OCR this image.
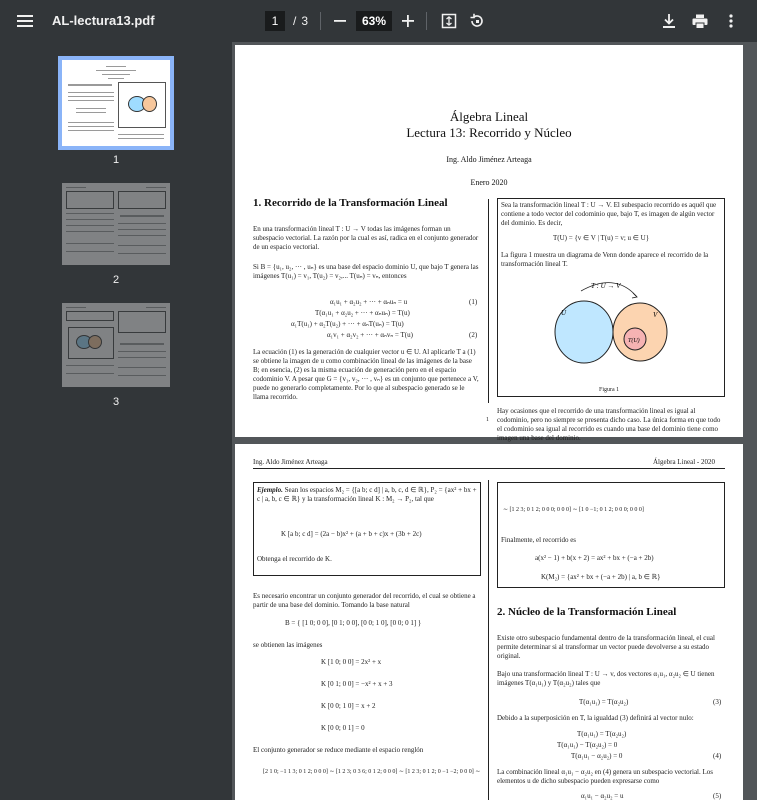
AL-lectura13.pdf
1	/ 3
63%
1
2
3
Álgebra Lineal
Lectura 13: Recorrido y Núcleo
Ing. Aldo Jiménez Arteaga
Enero 2020
1. Recorrido de la Transformación Lineal
En una transformación lineal T : U → V todas las imágenes forman un subespacio vectorial. La razón por la cual es así, radica en el conjunto generador de un espacio vectorial.
Si B = {u₁, u₂, ··· , uₙ} es una base del espacio dominio U, que bajo T genera las imágenes T(u₁) = v₁, T(u₂) = v₂,... T(uₙ) = vₙ, entonces
α₁u₁ + α₂u₂ + ··· + αₙuₙ = u	(1)
T(α₁u₁ + α₂u₂ + ··· + αₙuₙ) = T(u)
α₁T(u₁) + α₂T(u₂) + ··· + αₙT(uₙ) = T(u)
α₁v₁ + α₂v₂ + ··· + αₙvₙ = T(u)	(2)
La ecuación (1) es la generación de cualquier vector u ∈ U. Al aplicarle T a (1) se obtiene la imagen de u como combinación lineal de las imágenes de la base B; en esencia, (2) es la misma ecuación de generación pero en el espacio codominio V. A pesar que G = {v₁, v₂, ··· , vₙ} es un conjunto que pertenece a V, puede no generarlo completamente. Por lo que al subespacio generado se le llama recorrido.
Sea la transformación lineal T : U → V. El subespacio recorrido es aquél que contiene a todo vector del codominio que, bajo T, es imagen de algún vector del dominio. Es decir,
T(U) = {v ∈ V | T(u) = v; u ∈ U}
La figura 1 muestra un diagrama de Venn donde aparece el recorrido de la transformación lineal T.
T : U → V
U	V
T(U)
Figura 1
Hay ocasiones que el recorrido de una transformación lineal es igual al codominio, pero no siempre se presenta dicho caso. La única forma en que todo el codominio sea igual al recorrido es cuando una base del dominio tiene como imagen una base del dominio.
1
Ing. Aldo Jiménez Arteaga	Álgebra Lineal - 2020
Ejemplo. Sean los espacios M₂ = {[a b; c d] | a, b, c, d ∈ ℝ}, P₂ = {ax² + bx + c | a, b, c ∈ ℝ} y la transformación lineal K : M₂ → P₂, tal que
K [a b; c d] = (2a − b)x² + (a + b + c)x + (3b + 2c)
Obtenga el recorrido de K.
Es necesario encontrar un conjunto generador del recorrido, el cual se obtiene a partir de una base del dominio. Tomando la base natural
B = { [1 0; 0 0], [0 1; 0 0], [0 0; 1 0], [0 0; 0 1] }
se obtienen las imágenes
K [1 0; 0 0] = 2x² + x
K [0 1; 0 0] = −x² + x + 3
K [0 0; 1 0] = x + 2
K [0 0; 0 1] = 0
El conjunto generador se reduce mediante el espacio renglón
[2 1 0; −1 1 3; 0 1 2; 0 0 0] ∼ [1 2 3; 0 3 6; 0 1 2; 0 0 0] ∼ [1 2 3; 0 1 2; 0 −1 −2; 0 0 0] ∼
∼ [1 2 3; 0 1 2; 0 0 0; 0 0 0] ∼ [1 0 −1; 0 1 2; 0 0 0; 0 0 0]
Finalmente, el recorrido es
a(x² − 1) + b(x + 2) = ax² + bx + (−a + 2b)
K(M₂) = {ax² + bx + (−a + 2b) | a, b ∈ ℝ}
2. Núcleo de la Transformación Lineal
Existe otro subespacio fundamental dentro de la transformación lineal, el cual permite determinar si al transformar un vector puede devolverse a su estado original.
Bajo una transformación lineal T : U → v, dos vectores α₁u₁, α₂u₂ ∈ U tienen imágenes T(α₁u₁) y T(α₂u₂) tales que
T(α₁u₁) = T(α₂u₂)	(3)
Debido a la superposición en T, la igualdad (3) definirá al vector nulo:
T(α₁u₁) = T(α₂u₂)
T(α₁u₁) − T(α₂u₂) = 0
T(α₁u₁ − α₂u₂) = 0	(4)
La combinación lineal α₁u₁ − α₂u₂ en (4) genera un subespacio vectorial. Los elementos u de dicho subespacio pueden expresarse como
α₁u₁ − α₂u₂ = u	(5)
